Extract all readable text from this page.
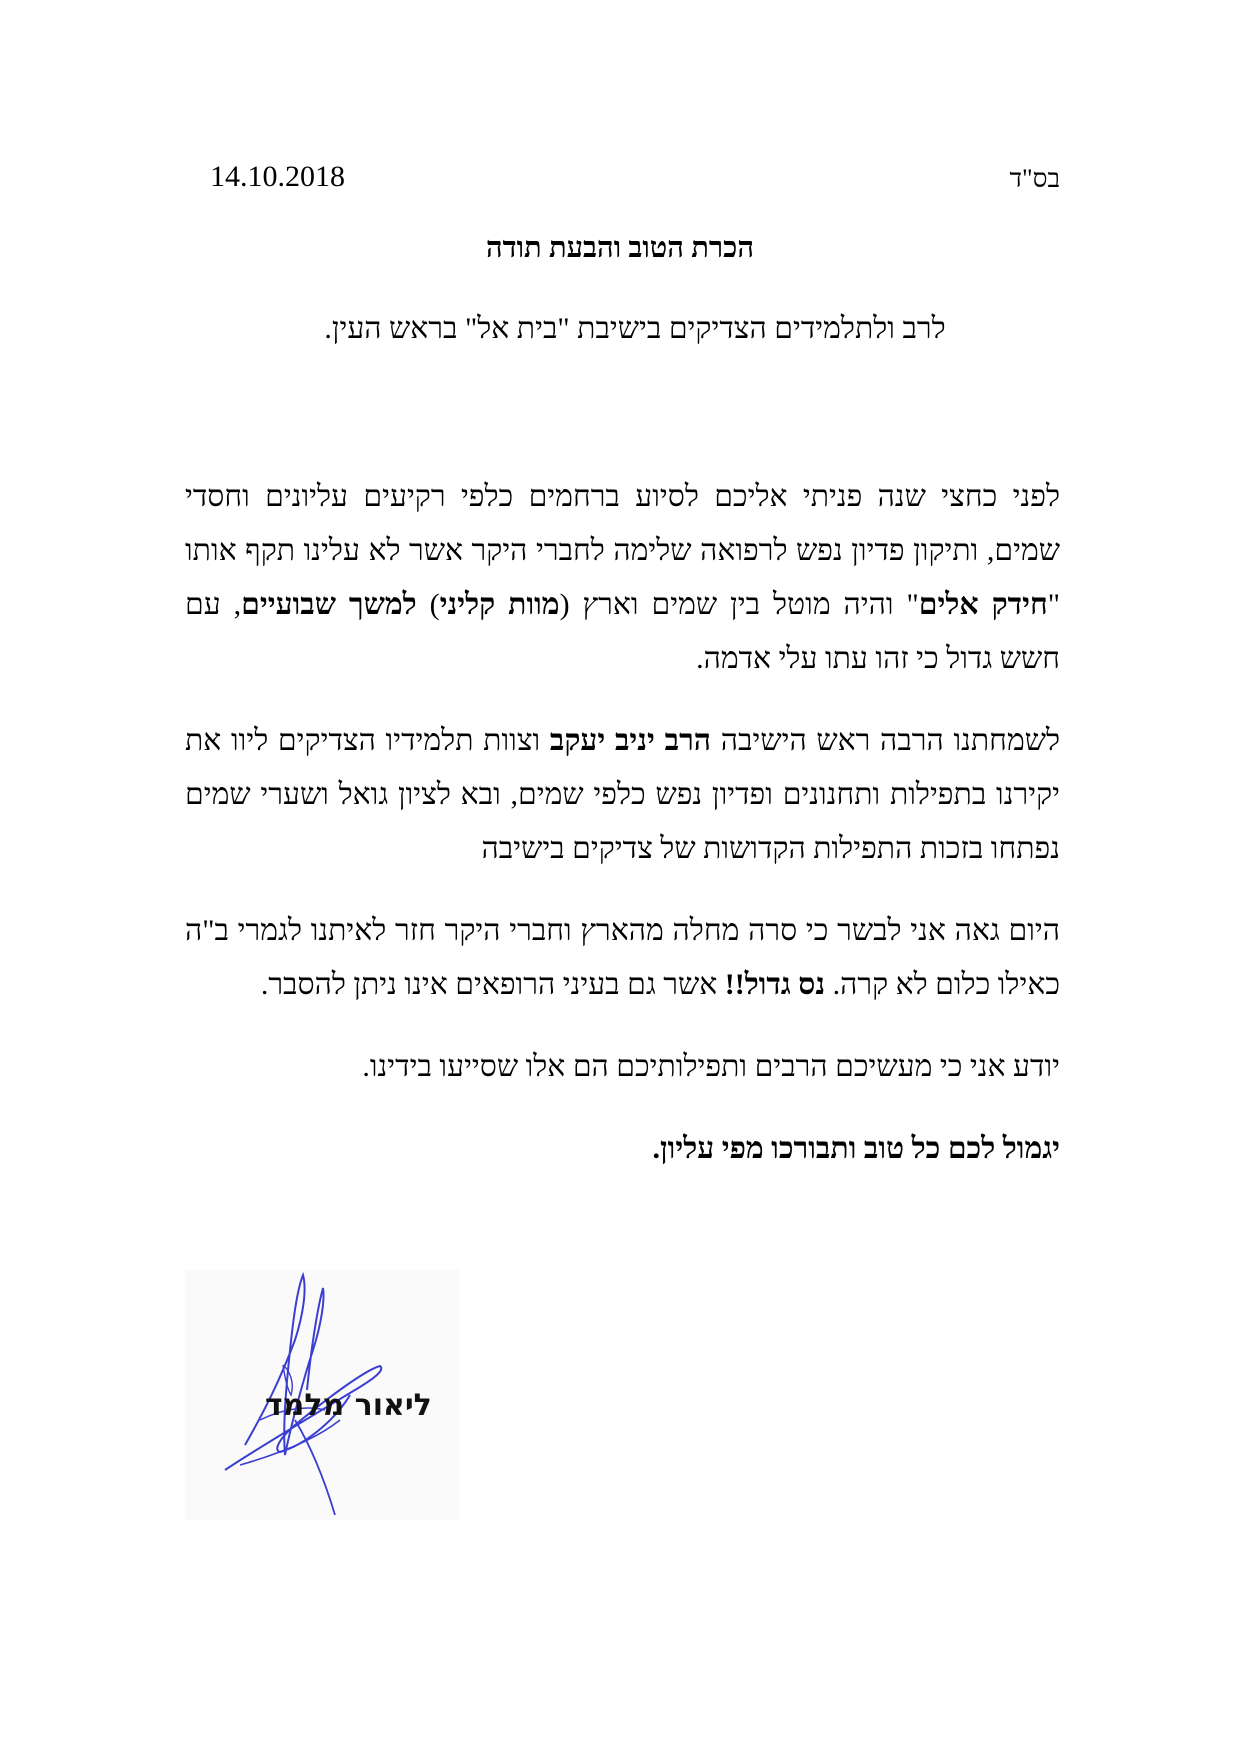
14.10.2018	בס"ד
הכרת הטוב והבעת תודה
לרב ולתלמידים הצדיקים בישיבת "בית אל" בראש העין.

לפני כחצי שנה פניתי אליכם לסיוע ברחמים כלפי רקיעים עליונים וחסדי שמים, ותיקון פדיון נפש לרפואה שלימה לחברי היקר אשר לא עלינו תקף אותו "חידק אלים" והיה מוטל בין שמים וארץ (מוות קליני) למשך שבועיים, עם חשש גדול כי זהו עתו עלי אדמה.

לשמחתנו הרבה ראש הישיבה הרב יניב יעקב וצוות תלמידיו הצדיקים ליוו את יקירנו בתפילות ותחנונים ופדיון נפש כלפי שמים, ובא לציון גואל ושערי שמים נפתחו בזכות התפילות הקדושות של צדיקים בישיבה

היום גאה אני לבשר כי סרה מחלה מהארץ וחברי היקר חזר לאיתנו לגמרי ב"ה כאילו כלום לא קרה. נס גדול!! אשר גם בעיני הרופאים אינו ניתן להסבר.

יודע אני כי מעשיכם הרבים ותפילותיכם הם אלו שסייעו בידינו.

יגמול לכם כל טוב ותבורכו מפי עליון.

ליאור מלמד
